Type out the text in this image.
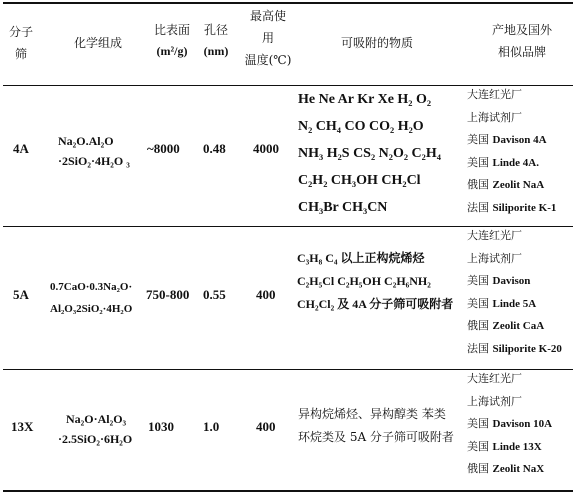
分子
筛
化学组成
比表面
(m²/g)
孔径
(nm)
最高使
用
温度(℃)
可吸附的物质
产地及国外
相似品牌
4A Na₂O.Al₂O
·2SiO₂·4H₂O ₃
~8000 0.48 4000
He Ne Ar Kr Xe H₂ O₂
N₂ CH₄ CO CO₂ H₂O
NH₃ H₂S CS₂ N₂O₂ C₂H₄
C₂H₂ CH₃OH CH₂Cl
CH₃Br CH₃CN
大连红光厂
上海试剂厂
美国 Davison 4A
美国 Linde 4A.
俄国 Zeolit NaA
法国 Siliporite K-1
5A 0.7CaO·0.3Na₂O·
Al₂O₃2SiO₂·4H₂O
750-800 0.55 400
C₃H₈ C₄ 以上正构烷烯烃
C₂H₅Cl C₂H₅OH C₂H₆NH₂
CH₂Cl₂ 及 4A 分子筛可吸附者
大连红光厂
上海试剂厂
美国 Davison
美国 Linde 5A
俄国 Zeolit CaA
法国 Siliporite K-20
13X	Na₂O·Al₂O₃
·2.5SiO₂·6H₂O
1030 1.0	400
异构烷烯烃、异构醇类 苯类
环烷类及 5A 分子筛可吸附者
大连红光厂
上海试剂厂
美国 Davison 10A
美国 Linde 13X
俄国 Zeolit NaX
